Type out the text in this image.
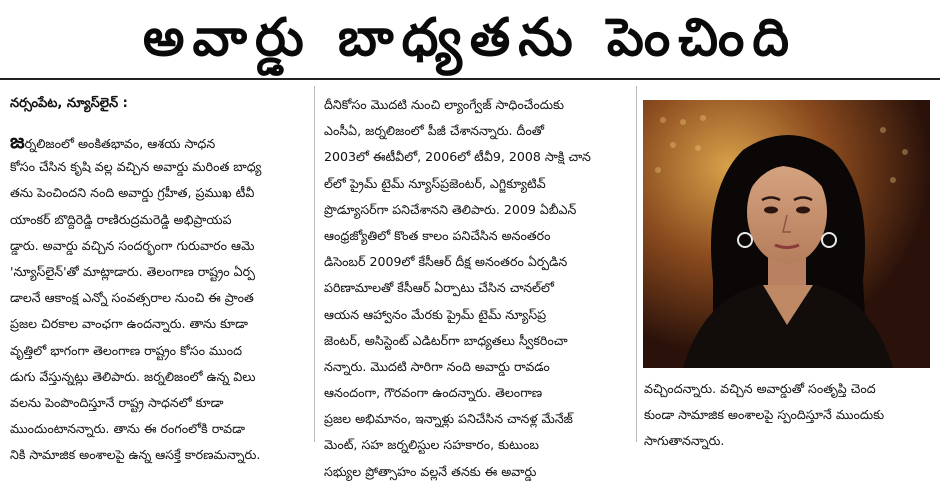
అవార్డు బాధ్యతను పెంచింది
నర్సంపేట, న్యూస్‌లైన్ :
జర్నలిజంలో అంకితభావం, ఆశయ సాధన
కోసం చేసిన కృషి వల్ల వచ్చిన అవార్డు మరింత బాధ్య
తను పెంచిందని నంది అవార్డు గ్రహీత, ప్రముఖ టీవీ
యాంకర్ బొద్దిరెడ్డి రాణిరుద్రమరెడ్డి అభిప్రాయప
డ్డారు. అవార్డు వచ్చిన సందర్భంగా గురువారం ఆమె
'న్యూస్‌లైన్'తో మాట్లాడారు. తెలంగాణ రాష్ట్రం ఏర్ప
డాలనే ఆకాంక్ష ఎన్నో సంవత్సరాల నుంచి ఈ ప్రాంత
ప్రజల చిరకాల వాంఛగా ఉందన్నారు. తాను కూడా
వృత్తిలో భాగంగా తెలంగాణ రాష్ట్రం కోసం ముంద
డుగు వేస్తున్నట్లు తెలిపారు. జర్నలిజంలో ఉన్న విలు
వలను పెంపొందిస్తూనే రాష్ట్ర సాధనలో కూడా
ముందుంటానన్నారు. తాను ఈ రంగంలోకి రావడా
నికి సామాజిక అంశాలపై ఉన్న ఆసక్తే కారణమన్నారు.
దీనికోసం మొదటి నుంచి ల్యాంగ్వేజ్ సాధించేందుకు
ఎంసీఏ, జర్నలిజంలో పీజీ చేశానన్నారు. దీంతో
2003లో ఈటీవీలో, 2006లో టీవీ9, 2008 సాక్షి చాన
ల్‌లో ప్రైమ్ టైమ్ న్యూస్‌ప్రజెంటర్, ఎగ్జిక్యూటివ్
ప్రొడ్యూసర్‌గా పనిచేశానని తెలిపారు. 2009 ఏబీఎన్
ఆంధ్రజ్యోతిలో కొంత కాలం పనిచేసిన అనంతరం
డిసెంబర్ 2009లో కేసీఆర్ దీక్ష అనంతరం ఏర్పడిన
పరిణామాలతో కేసీఆర్ ఏర్పాటు చేసిన చానల్‌లో
ఆయన ఆహ్వానం మేరకు ప్రైమ్ టైమ్ న్యూస్‌ప్ర
జెంటర్, అసిస్టెంట్ ఎడిటర్‌గా బాధ్యతలు స్వీకరించా
నన్నారు. మొదటి సారిగా నంది అవార్డు రావడం
ఆనందంగా, గౌరవంగా ఉందన్నారు. తెలంగాణ
ప్రజల అభిమానం, ఇన్నాళ్లు పనిచేసిన చానళ్ల మేనేజ్
మెంట్, సహ జర్నలిస్టుల సహకారం, కుటుంబ
సభ్యుల ప్రోత్సాహం వల్లనే తనకు ఈ అవార్డు
వచ్చిందన్నారు. వచ్చిన అవార్డుతో సంతృప్తి చెంద
కుండా సామాజిక అంశాలపై స్పందిస్తూనే ముందుకు
సాగుతానన్నారు.
